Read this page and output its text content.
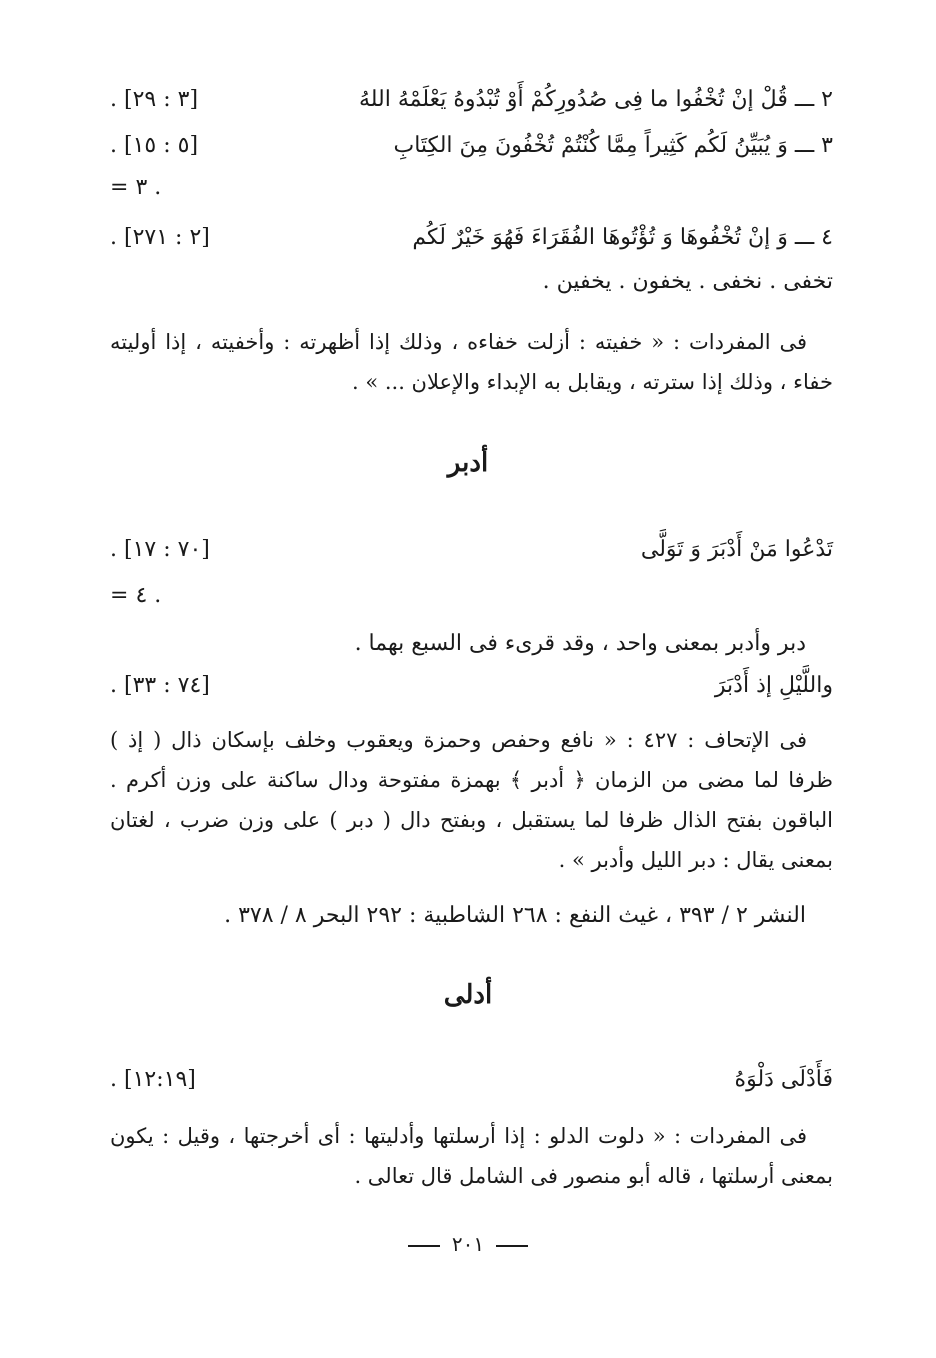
٢ ـــ قُلْ إنْ تُخْفُوا ما فِى صُدُورِكُمْ أَوْ تُبْدُوهُ يَعْلَمْهُ اللهُ
[٣ : ٢٩] .
٣ ـــ وَ يُبَيِّنُ لَكُم كَثِيراً مِمَّا كُنْتُمْ تُخْفُونَ مِنَ الكِتَابِ
[٥ : ١٥] .
= ٣ .
٤ ـــ وَ إنْ تُخْفُوهَا وَ تُؤْتُوهَا الفُقَرَاءَ فَهُوَ خَيْرٌ لَكُم
[٢ : ٢٧١] .
تخفى . نخفى . يخفون . يخفين .

فى المفردات : « خفيته : أزلت خفاءه ، وذلك إذا أظهرته : وأخفيته ، إذا أوليته خفاء ، وذلك إذا سترته ، ويقابل به الإبداء والإعلان ... » .

أدبر
تَدْعُوا مَنْ أَدْبَرَ وَ تَوَلَّى
[٧٠ : ١٧] .
= ٤ .
دبر وأدبر بمعنى واحد ، وقد قرىء فى السبع بهما .
واللَّيْلِ إذ أَدْبَرَ
[٧٤ : ٣٣] .

فى الإتحاف : ٤٢٧ : « نافع وحفص وحمزة ويعقوب وخلف بإسكان ذال ( إذ ) ظرفا لما مضى من الزمان ﴿ أدبر ﴾ بهمزة مفتوحة ودال ساكنة على وزن أكرم . الباقون بفتح الذال ظرفا لما يستقبل ، وبفتح دال ( دبر ) على وزن ضرب ، لغتان بمعنى يقال : دبر الليل وأدبر » .

النشر ٢ / ٣٩٣ ، غيث النفع : ٢٦٨ الشاطبية : ٢٩٢ البحر ٨ / ٣٧٨ .
أدلى
فَأَدْلَى دَلْوَهُ
[١٢:١٩] .

فى المفردات : « دلوت الدلو : إذا أرسلتها وأدليتها : أى أخرجتها ، وقيل : يكون بمعنى أرسلتها ، قاله أبو منصور فى الشامل قال تعالى .

٢٠١
